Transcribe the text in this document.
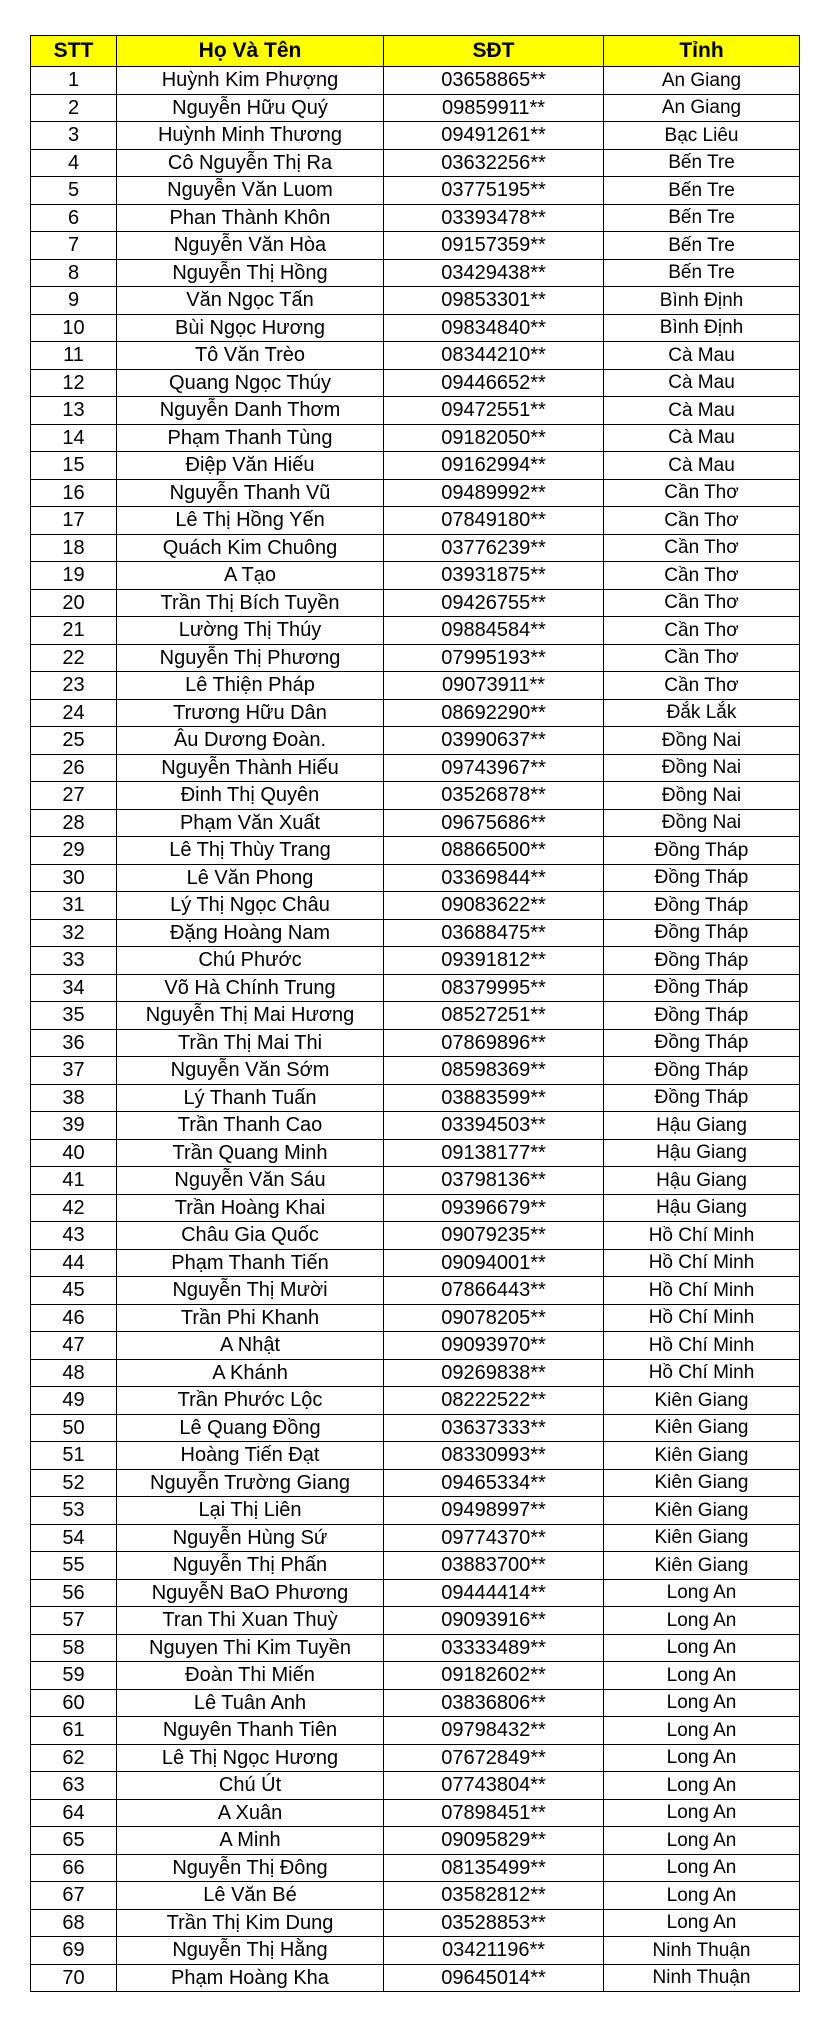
STT	Họ Và Tên	SĐT	Tỉnh
1	Huỳnh Kim Phượng	03658865**	An Giang
2	Nguyễn Hữu Quý	09859911**	An Giang
3	Huỳnh Minh Thương	09491261**	Bạc Liêu
4	Cô Nguyễn Thị Ra	03632256**	Bến Tre
5	Nguyễn Văn Luom	03775195**	Bến Tre
6	Phan Thành Khôn	03393478**	Bến Tre
7	Nguyễn Văn Hòa	09157359**	Bến Tre
8	Nguyễn Thị Hồng	03429438**	Bến Tre
9	Văn Ngọc Tấn	09853301**	Bình Định
10	Bùi Ngọc Hương	09834840**	Bình Định
11	Tô Văn Trèo	08344210**	Cà Mau
12	Quang Ngọc Thúy	09446652**	Cà Mau
13	Nguyễn Danh Thơm	09472551**	Cà Mau
14	Phạm Thanh Tùng	09182050**	Cà Mau
15	Điệp Văn Hiếu	09162994**	Cà Mau
16	Nguyễn Thanh Vũ	09489992**	Cần Thơ
17	Lê Thị Hồng Yến	07849180**	Cần Thơ
18	Quách Kim Chuông	03776239**	Cần Thơ
19	A Tạo	03931875**	Cần Thơ
20	Trần Thị Bích Tuyền	09426755**	Cần Thơ
21	Lường Thị Thúy	09884584**	Cần Thơ
22	Nguyễn Thị Phương	07995193**	Cần Thơ
23	Lê Thiện Pháp	09073911**	Cần Thơ
24	Trương Hữu Dân	08692290**	Đắk Lắk
25	Âu Dương Đoàn.	03990637**	Đồng Nai
26	Nguyễn Thành Hiếu	09743967**	Đồng Nai
27	Đinh Thị Quyên	03526878**	Đồng Nai
28	Phạm Văn Xuất	09675686**	Đồng Nai
29	Lê Thị Thùy Trang	08866500**	Đồng Tháp
30	Lê Văn Phong	03369844**	Đồng Tháp
31	Lý Thị Ngọc Châu	09083622**	Đồng Tháp
32	Đặng Hoàng Nam	03688475**	Đồng Tháp
33	Chú Phước	09391812**	Đồng Tháp
34	Võ Hà Chính Trung	08379995**	Đồng Tháp
35	Nguyễn Thị Mai Hương	08527251**	Đồng Tháp
36	Trần Thị Mai Thi	07869896**	Đồng Tháp
37	Nguyễn Văn Sớm	08598369**	Đồng Tháp
38	Lý Thanh Tuấn	03883599**	Đồng Tháp
39	Trần Thanh Cao	03394503**	Hậu Giang
40	Trần Quang Minh	09138177**	Hậu Giang
41	Nguyễn Văn Sáu	03798136**	Hậu Giang
42	Trần Hoàng Khai	09396679**	Hậu Giang
43	Châu Gia Quốc	09079235**	Hồ Chí Minh
44	Phạm Thanh Tiến	09094001**	Hồ Chí Minh
45	Nguyễn Thị Mười	07866443**	Hồ Chí Minh
46	Trần Phi Khanh	09078205**	Hồ Chí Minh
47	A Nhật	09093970**	Hồ Chí Minh
48	A Khánh	09269838**	Hồ Chí Minh
49	Trần Phước Lộc	08222522**	Kiên Giang
50	Lê Quang Đồng	03637333**	Kiên Giang
51	Hoàng Tiến Đạt	08330993**	Kiên Giang
52	Nguyễn Trường Giang	09465334**	Kiên Giang
53	Lại Thị Liên	09498997**	Kiên Giang
54	Nguyễn Hùng Sứ	09774370**	Kiên Giang
55	Nguyễn Thị Phấn	03883700**	Kiên Giang
56	NguyễN BaO Phương	09444414**	Long An
57	Tran Thi Xuan Thuỳ	09093916**	Long An
58	Nguyen Thi Kim Tuyền	03333489**	Long An
59	Đoàn Thi Miến	09182602**	Long An
60	Lê Tuân Anh	03836806**	Long An
61	Nguyên Thanh Tiên	09798432**	Long An
62	Lê Thị Ngọc Hương	07672849**	Long An
63	Chú Út	07743804**	Long An
64	A Xuân	07898451**	Long An
65	A Minh	09095829**	Long An
66	Nguyễn Thị Đông	08135499**	Long An
67	Lê Văn Bé	03582812**	Long An
68	Trần Thị Kim Dung	03528853**	Long An
69	Nguyễn Thị Hằng	03421196**	Ninh Thuận
70	Phạm Hoàng Kha	09645014**	Ninh Thuận
